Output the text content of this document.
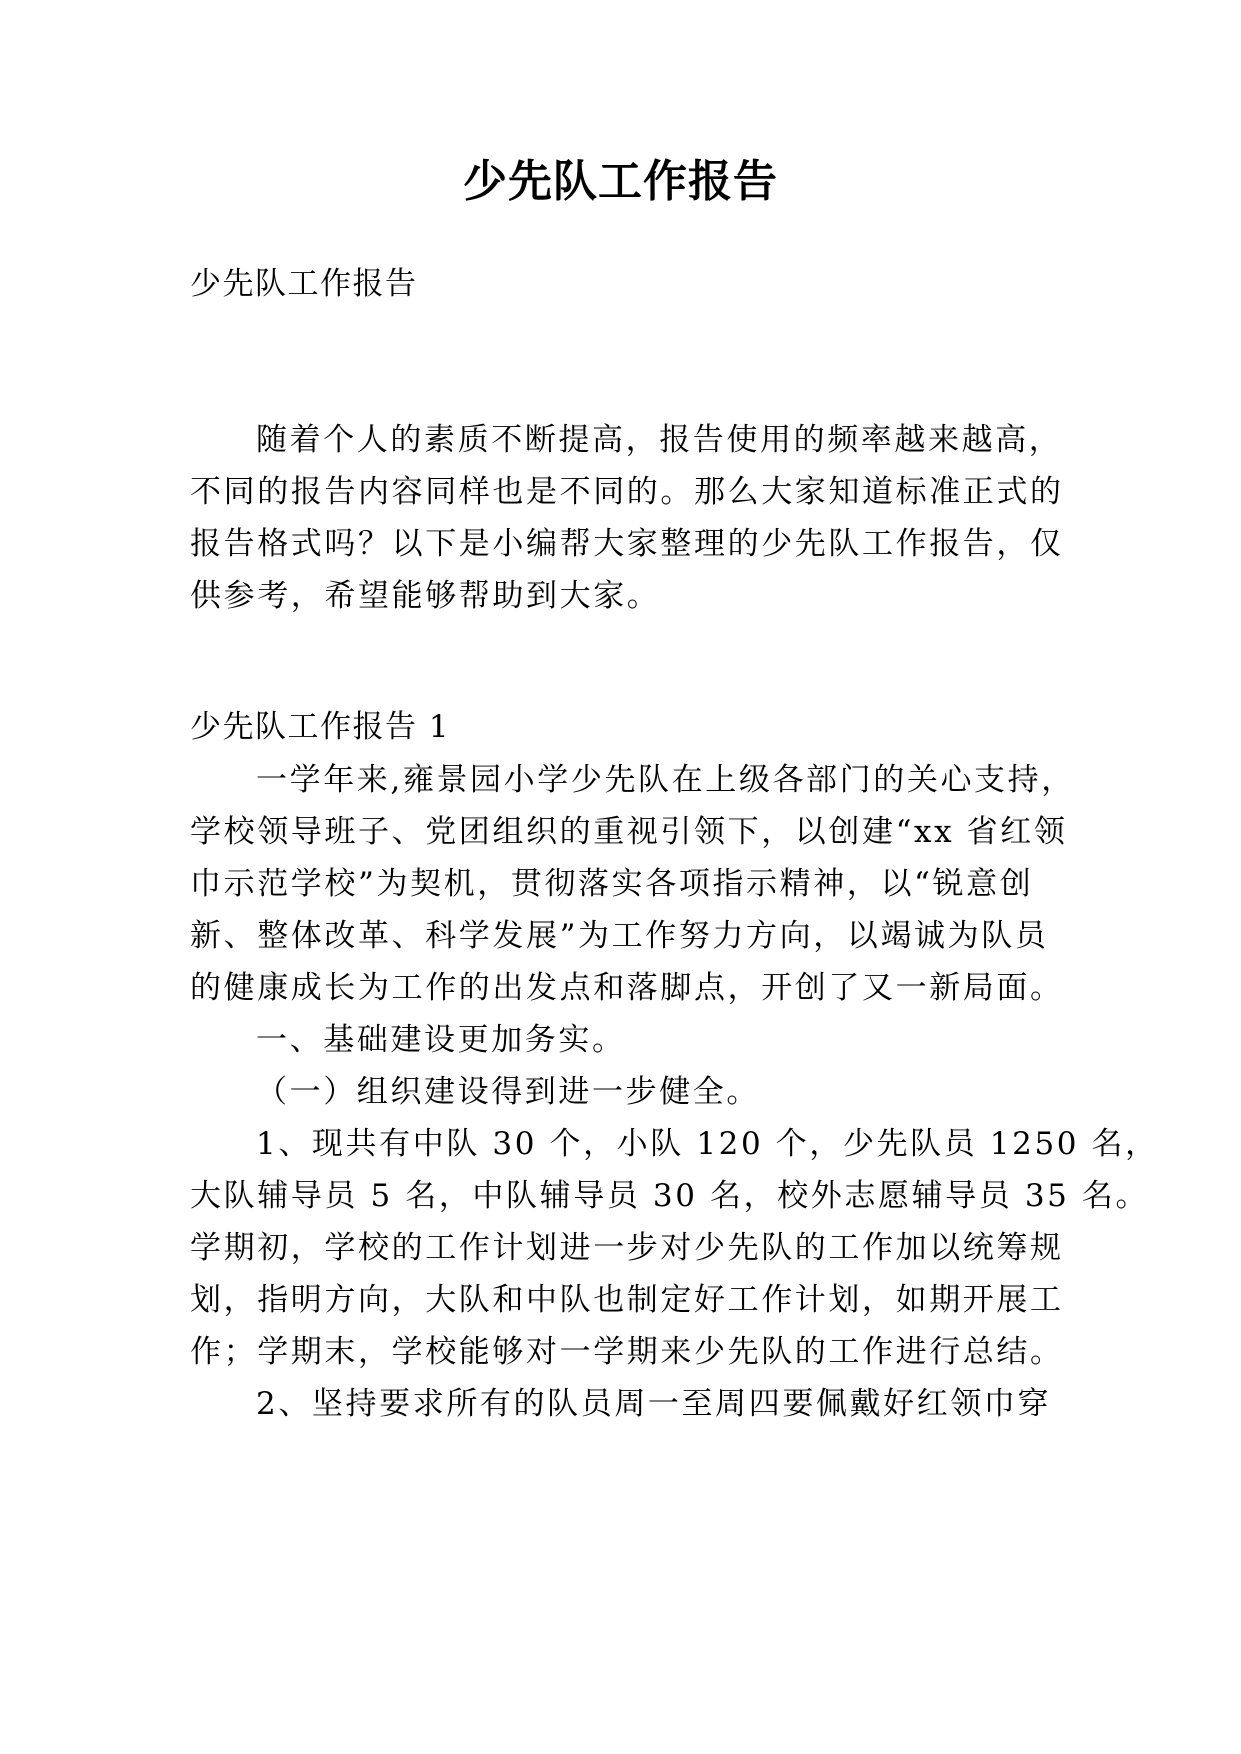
少先队工作报告

少先队工作报告

随着个人的素质不断提高，报告使用的频率越来越高，

不同的报告内容同样也是不同的。那么大家知道标准正式的

报告格式吗？以下是小编帮大家整理的少先队工作报告，仅

供参考，希望能够帮助到大家。

少先队工作报告 1

一学年来,雍景园小学少先队在上级各部门的关心支持，

学校领导班子、党团组织的重视引领下，以创建“xx 省红领

巾示范学校”为契机，贯彻落实各项指示精神，以“锐意创

新、整体改革、科学发展”为工作努力方向，以竭诚为队员

的健康成长为工作的出发点和落脚点，开创了又一新局面。

一、基础建设更加务实。

（一）组织建设得到进一步健全。

1、现共有中队 30 个，小队 120 个，少先队员 1250 名，

大队辅导员 5 名，中队辅导员 30 名，校外志愿辅导员 35 名。

学期初，学校的工作计划进一步对少先队的工作加以统筹规

划，指明方向，大队和中队也制定好工作计划，如期开展工

作；学期末，学校能够对一学期来少先队的工作进行总结。

2、坚持要求所有的队员周一至周四要佩戴好红领巾穿
